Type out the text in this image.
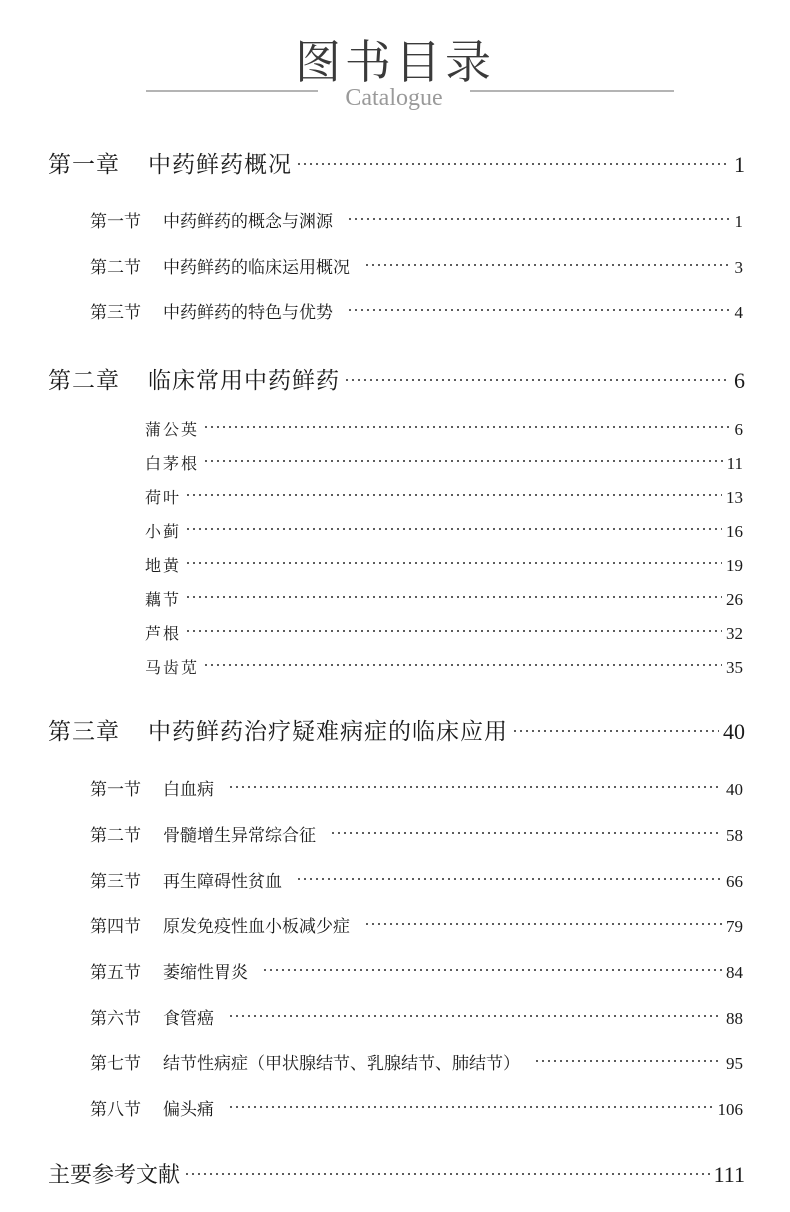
图书目录
Catalogue
第一章 中药鲜药概况	1
第一节 中药鲜药的概念与渊源	1
第二节 中药鲜药的临床运用概况	3
第三节 中药鲜药的特色与优势	4
第二章 临床常用中药鲜药	6
蒲公英	6
白茅根	11
荷叶	13
小蓟	16
地黄	19
藕节	26
芦根	32
马齿苋	35
第三章 中药鲜药治疗疑难病症的临床应用	40
第一节 白血病	40
第二节 骨髓增生异常综合征	58
第三节 再生障碍性贫血	66
第四节 原发免疫性血小板减少症	79
第五节 萎缩性胃炎	84
第六节 食管癌	88
第七节 结节性病症（甲状腺结节、乳腺结节、肺结节）	95
第八节 偏头痛	106
主要参考文献	111
